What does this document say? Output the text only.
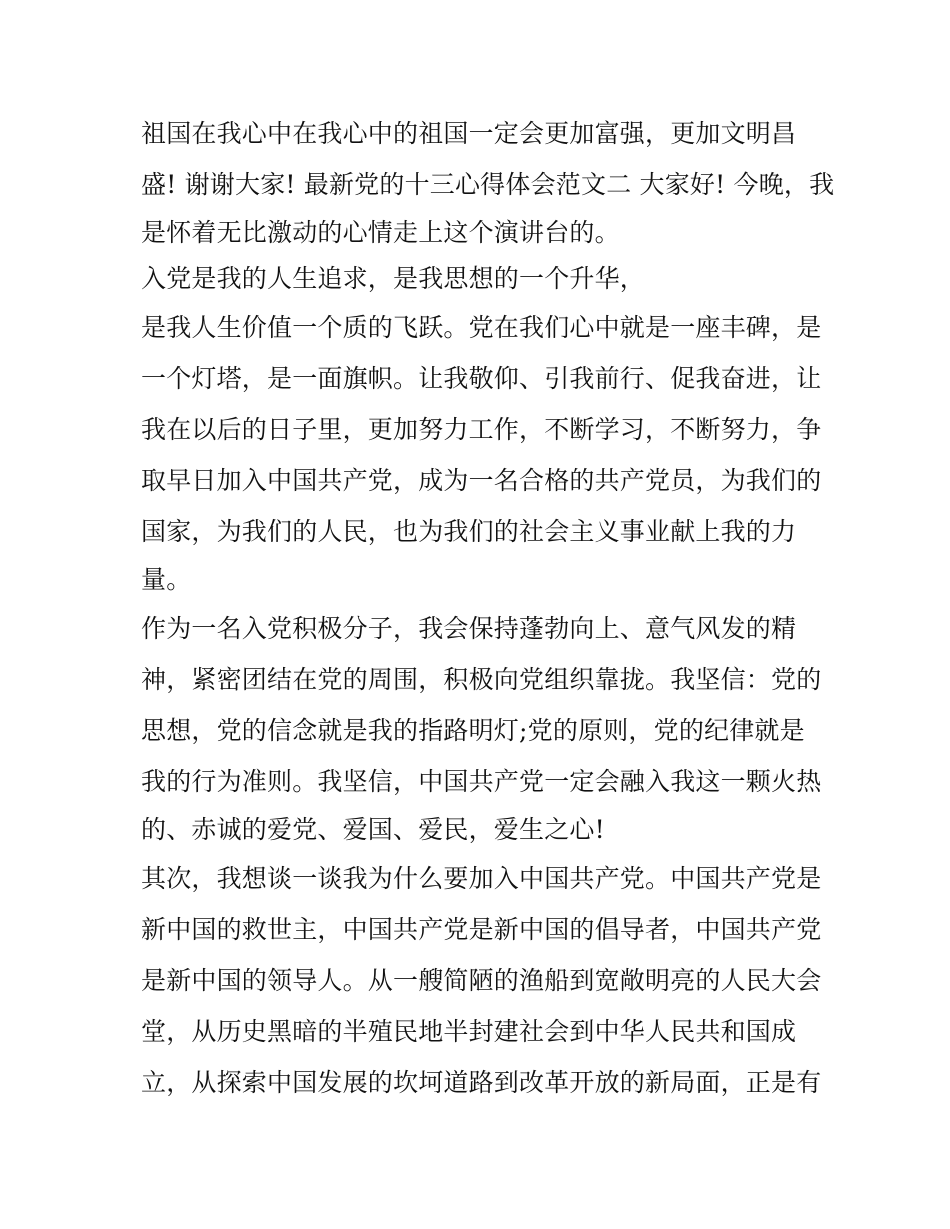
祖国在我心中在我心中的祖国一定会更加富强，更加文明昌
盛! 谢谢大家! 最新党的十三心得体会范文二 大家好! 今晚，我
是怀着无比激动的心情走上这个演讲台的。
入党是我的人生追求，是我思想的一个升华，
是我人生价值一个质的飞跃。党在我们心中就是一座丰碑，是
一个灯塔，是一面旗帜。让我敬仰、引我前行、促我奋进，让
我在以后的日子里，更加努力工作，不断学习，不断努力，争
取早日加入中国共产党，成为一名合格的共产党员，为我们的
国家，为我们的人民，也为我们的社会主义事业献上我的力
量。
作为一名入党积极分子，我会保持蓬勃向上、意气风发的精
神，紧密团结在党的周围，积极向党组织靠拢。我坚信：党的
思想，党的信念就是我的指路明灯;党的原则，党的纪律就是
我的行为准则。我坚信，中国共产党一定会融入我这一颗火热
的、赤诚的爱党、爱国、爱民，爱生之心!
其次，我想谈一谈我为什么要加入中国共产党。中国共产党是
新中国的救世主，中国共产党是新中国的倡导者，中国共产党
是新中国的领导人。从一艘简陋的渔船到宽敞明亮的人民大会
堂，从历史黑暗的半殖民地半封建社会到中华人民共和国成
立，从探索中国发展的坎坷道路到改革开放的新局面，正是有
